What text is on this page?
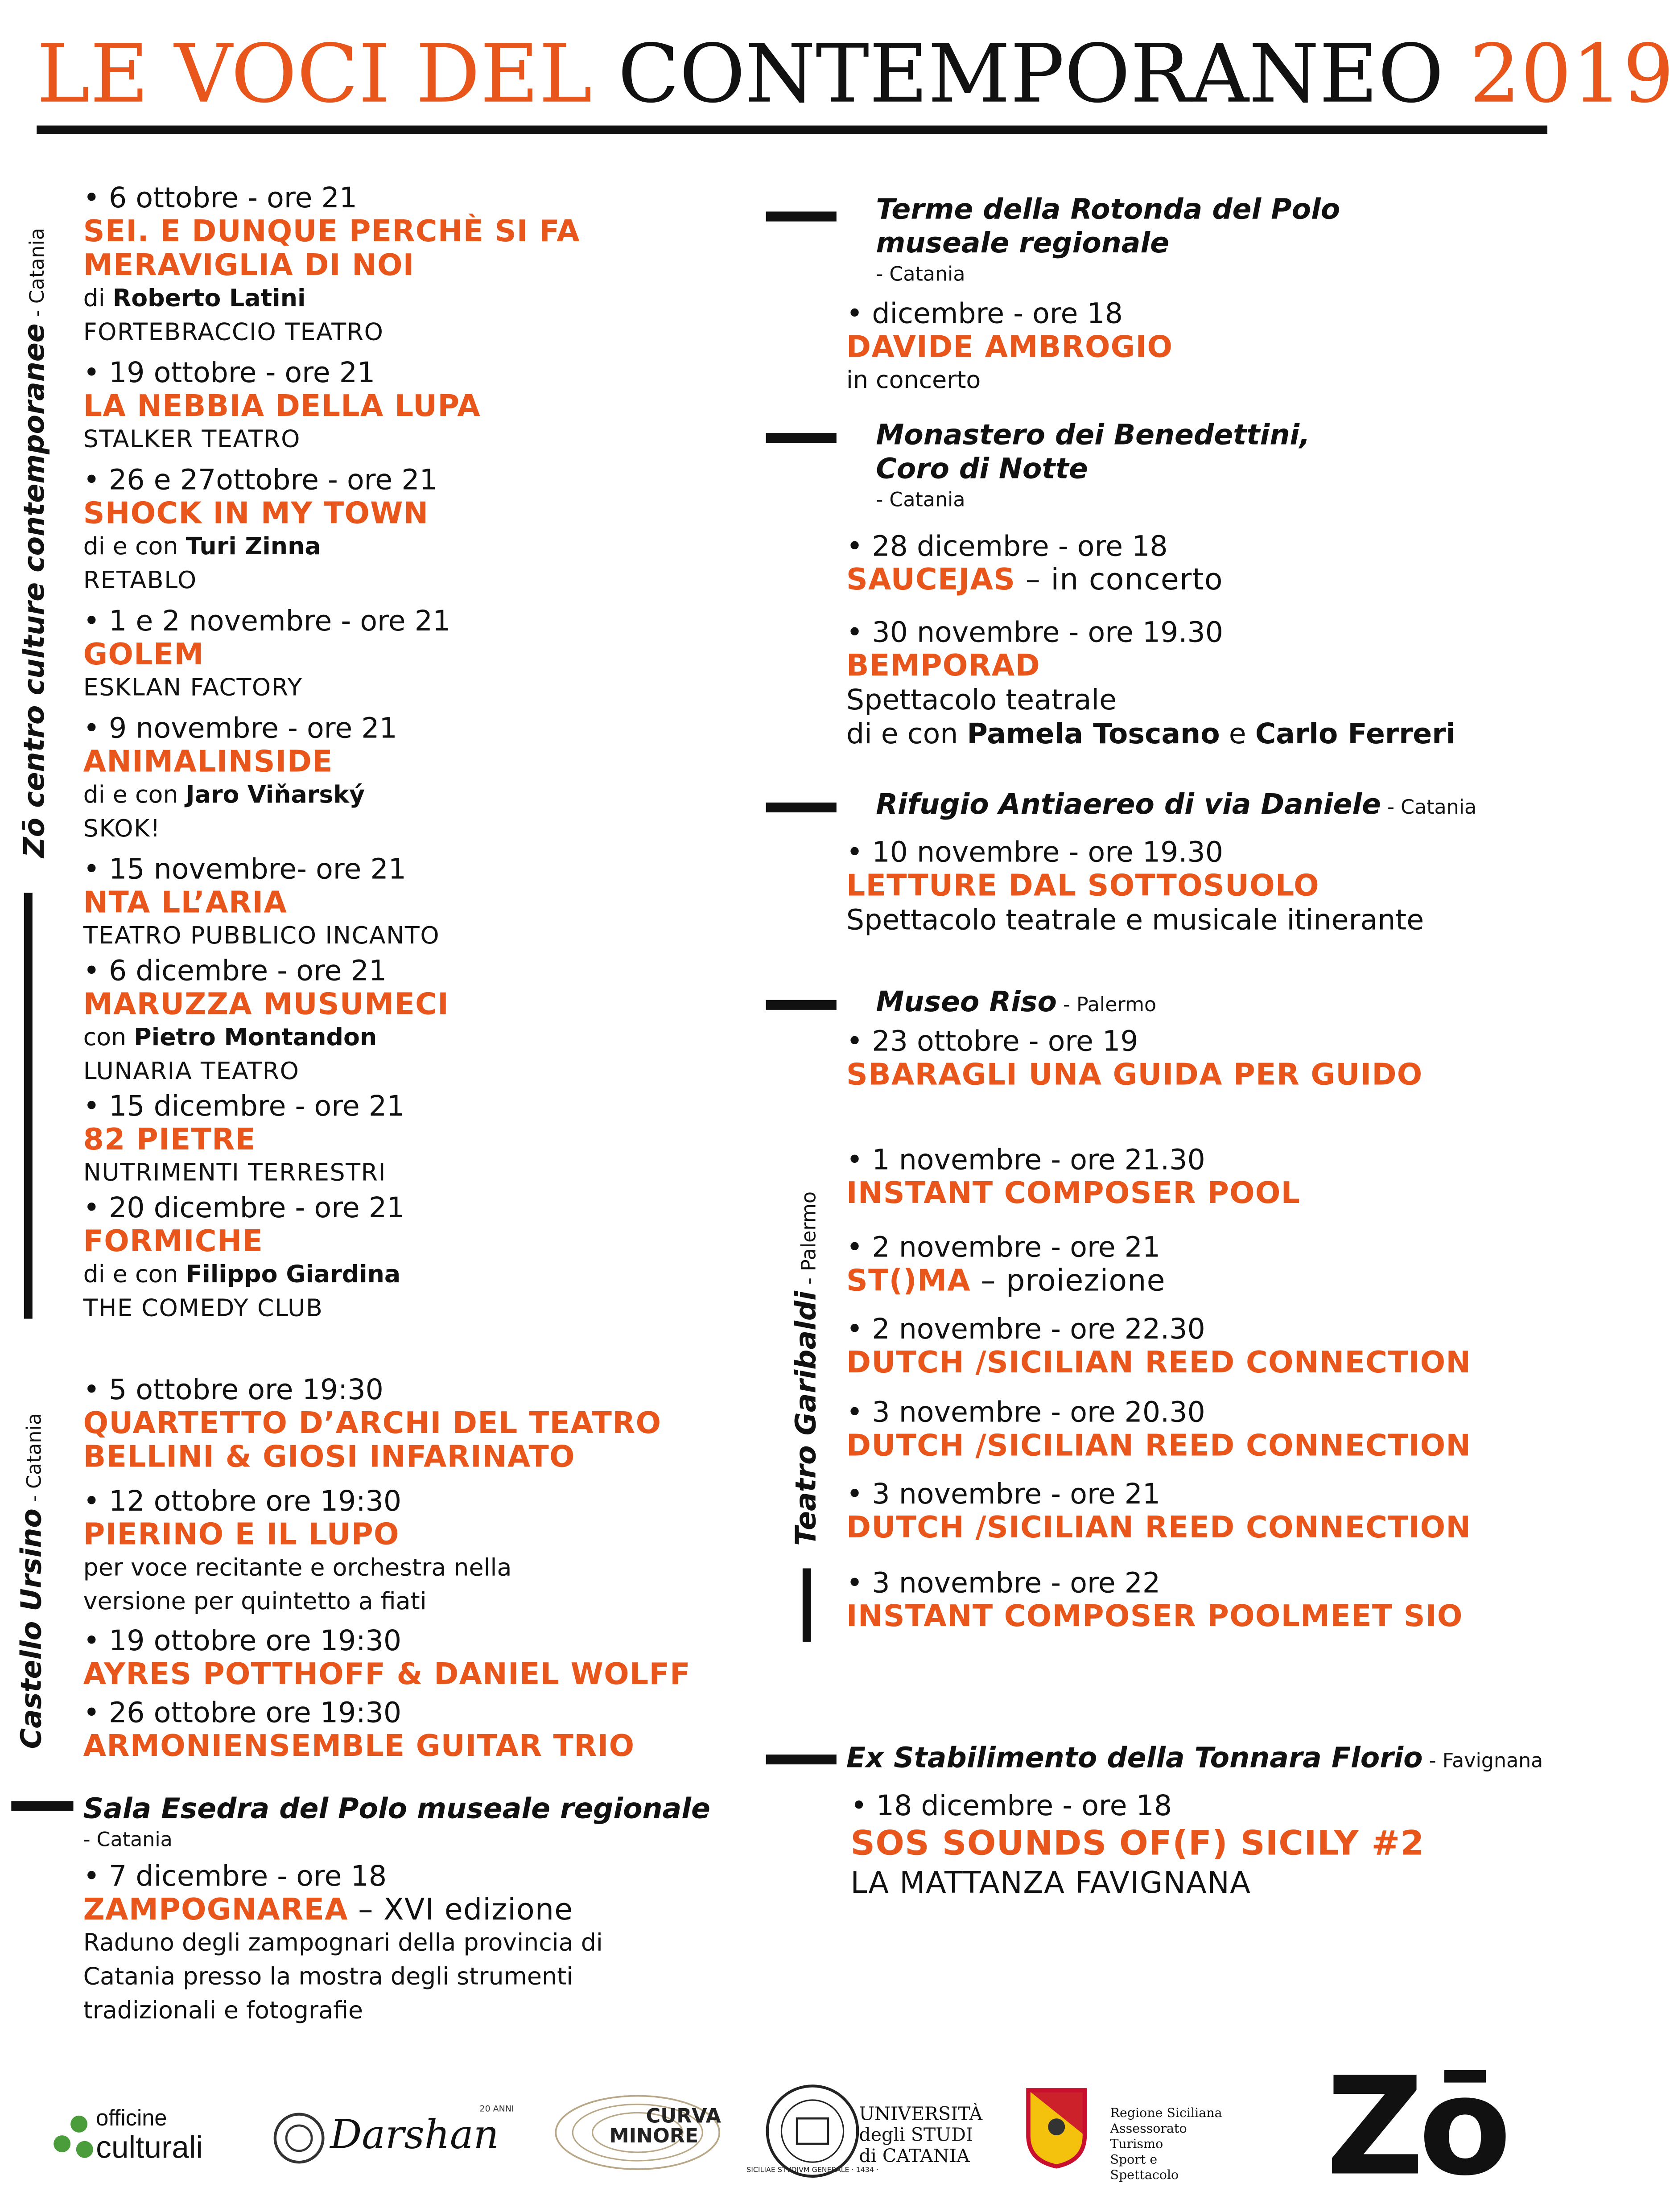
LE VOCI DEL CONTEMPORANEO 2019
Zō centro culture contemporanee - Catania

• 6 ottobre - ore 21

SEI. E DUNQUE PERCHÈ SI FA

MERAVIGLIA DI NOI

di Roberto Latini

FORTEBRACCIO TEATRO

• 19 ottobre - ore 21

LA NEBBIA DELLA LUPA

STALKER TEATRO

• 26 e 27ottobre - ore 21

SHOCK IN MY TOWN

di e con Turi Zinna

RETABLO

• 1 e 2 novembre - ore 21

GOLEM

ESKLAN FACTORY

• 9 novembre - ore 21

ANIMALINSIDE

di e con Jaro Viňarský

SKOK!

• 15 novembre- ore 21

NTA LL’ARIA

TEATRO PUBBLICO INCANTO

• 6 dicembre - ore 21

MARUZZA MUSUMECI

con Pietro Montandon

LUNARIA TEATRO

• 15 dicembre - ore 21

82 PIETRE

NUTRIMENTI TERRESTRI

• 20 dicembre - ore 21

FORMICHE

di e con Filippo Giardina

THE COMEDY CLUB

Castello Ursino - Catania

• 5 ottobre ore 19:30

QUARTETTO D’ARCHI DEL TEATRO

BELLINI & GIOSI INFARINATO

• 12 ottobre ore 19:30

PIERINO E IL LUPO

per voce recitante e orchestra nella

versione per quintetto a fiati

• 19 ottobre ore 19:30

AYRES POTTHOFF & DANIEL WOLFF

• 26 ottobre ore 19:30

ARMONIENSEMBLE GUITAR TRIO

Sala Esedra del Polo museale regionale

- Catania

• 7 dicembre - ore 18

ZAMPOGNAREA – XVI edizione

Raduno degli zampognari della provincia di

Catania presso la mostra degli strumenti

tradizionali e fotografie

Terme della Rotonda del Polo

museale regionale

- Catania

• dicembre - ore 18

DAVIDE AMBROGIO

in concerto

Monastero dei Benedettini,

Coro di Notte

- Catania

• 28 dicembre - ore 18

SAUCEJAS – in concerto

• 30 novembre - ore 19.30

BEMPORAD

Spettacolo teatrale

di e con Pamela Toscano e Carlo Ferreri

Rifugio Antiaereo di via Daniele - Catania

• 10 novembre - ore 19.30

LETTURE DAL SOTTOSUOLO

Spettacolo teatrale e musicale itinerante

Museo Riso - Palermo

• 23 ottobre - ore 19

SBARAGLI UNA GUIDA PER GUIDO

Teatro Garibaldi - Palermo

• 1 novembre - ore 21.30

INSTANT COMPOSER POOL

• 2 novembre - ore 21

ST()MA – proiezione

• 2 novembre - ore 22.30

DUTCH /SICILIAN REED CONNECTION

• 3 novembre - ore 20.30

DUTCH /SICILIAN REED CONNECTION

• 3 novembre - ore 21

DUTCH /SICILIAN REED CONNECTION

• 3 novembre - ore 22

INSTANT COMPOSER POOLMEET SIO

Ex Stabilimento della Tonnara Florio - Favignana

• 18 dicembre - ore 18

SOS SOUNDS OF(F) SICILY #2

LA MATTANZA FAVIGNANA

officine
culturali	Darshan
20 ANNI	CURVA
MINORE
SICILIAE STVDIVM GENERALE · 1434 ·
UNIVERSITÀ
degli STUDI
di CATANIA
Regione Siciliana
Assessorato Turismo
Sport e Spettacolo	Zō
